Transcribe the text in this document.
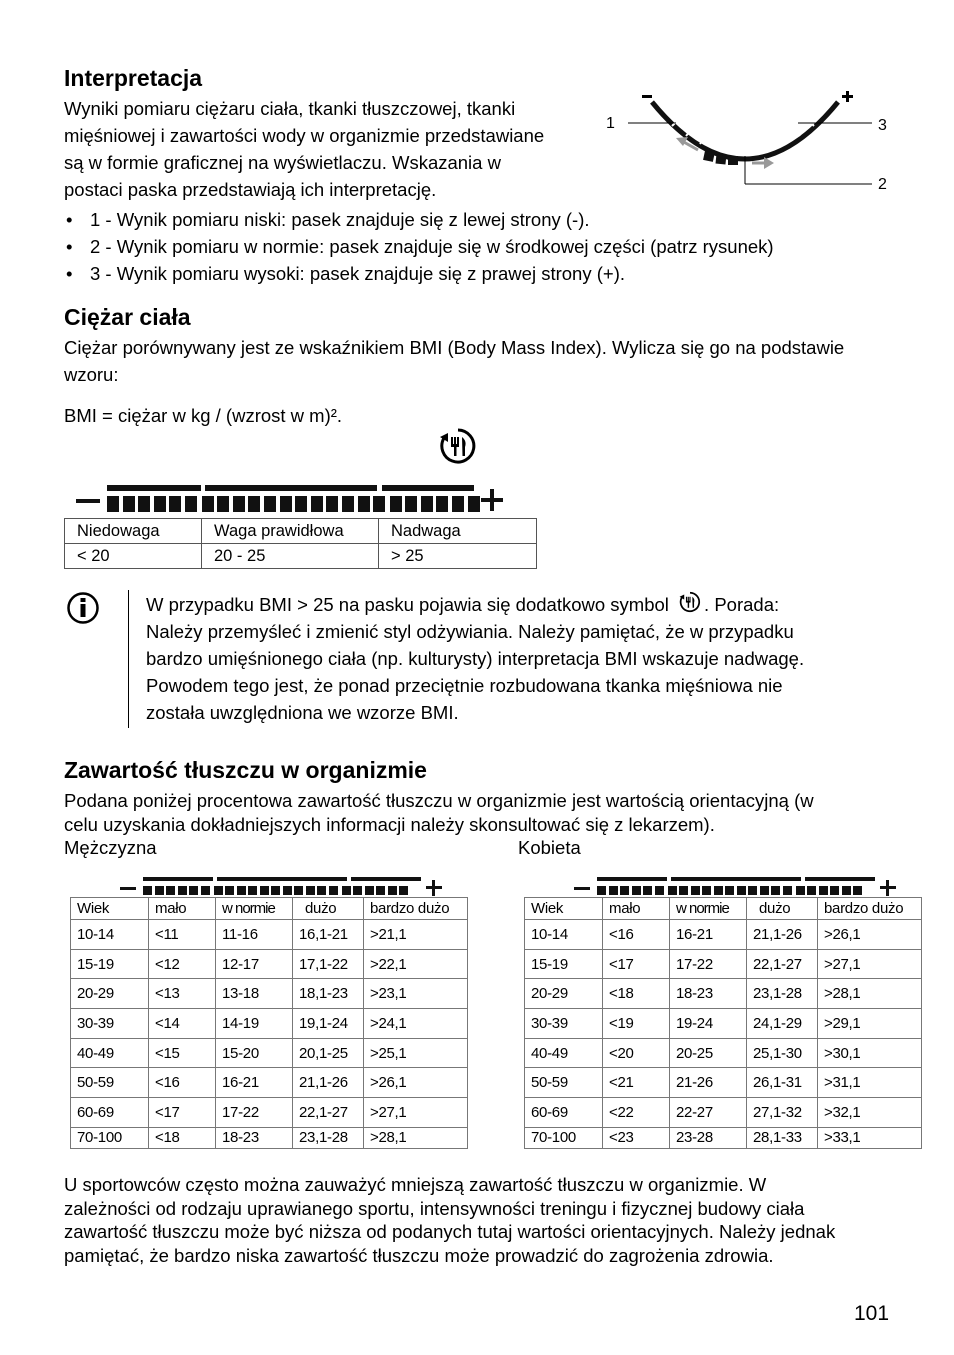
Interpretacja
Wyniki pomiaru ciężaru ciała, tkanki tłuszczowej, tkanki
mięśniowej i zawartości wody w organizmie przedstawiane
są w formie graficznej na wyświetlaczu. Wskazania w
postaci paska przedstawiają ich interpretację.
1	3
2
• 1 - Wynik pomiaru niski: pasek znajduje się z lewej strony (-).
• 2 - Wynik pomiaru w normie: pasek znajduje się w środkowej części (patrz rysunek)
• 3 - Wynik pomiaru wysoki: pasek znajduje się z prawej strony (+).
Ciężar ciała
Ciężar porównywany jest ze wskaźnikiem BMI (Body Mass Index). Wylicza się go na podstawie
wzoru:
BMI = ciężar w kg / (wzrost w m)².
Niedowaga	Waga prawidłowa	Nadwaga
< 20	20 - 25	> 25
W przypadku BMI > 25 na pasku pojawia się dodatkowo symbol . Porada:
Należy przemyśleć i zmienić styl odżywiania. Należy pamiętać, że w przypadku
bardzo umięśnionego ciała (np. kulturysty) interpretacja BMI wskazuje nadwagę.
Powodem tego jest, że ponad przeciętnie rozbudowana tkanka mięśniowa nie
została uwzględniona we wzorze BMI.
Zawartość tłuszczu w organizmie
Podana poniżej procentowa zawartość tłuszczu w organizmie jest wartością orientacyjną (w
celu uzyskania dokładniejszych informacji należy skonsultować się z lekarzem).
Mężczyzna	Kobieta
Wiek	mało	w normie	dużo	bardzo dużo
10-14	<11	11-16	16,1-21	>21,1
15-19	<12	12-17	17,1-22	>22,1
20-29	<13	13-18	18,1-23	>23,1
30-39	<14	14-19	19,1-24	>24,1
40-49	<15	15-20	20,1-25	>25,1
50-59	<16	16-21	21,1-26	>26,1
60-69	<17	17-22	22,1-27	>27,1
70-100	<18	18-23	23,1-28	>28,1
Wiek	mało	w normie	dużo	bardzo dużo
10-14	<16	16-21	21,1-26	>26,1
15-19	<17	17-22	22,1-27	>27,1
20-29	<18	18-23	23,1-28	>28,1
30-39	<19	19-24	24,1-29	>29,1
40-49	<20	20-25	25,1-30	>30,1
50-59	<21	21-26	26,1-31	>31,1
60-69	<22	22-27	27,1-32	>32,1
70-100	<23	23-28	28,1-33	>33,1
U sportowców często można zauważyć mniejszą zawartość tłuszczu w organizmie. W
zależności od rodzaju uprawianego sportu, intensywności treningu i fizycznej budowy ciała
zawartość tłuszczu może być niższa od podanych tutaj wartości orientacyjnych. Należy jednak
pamiętać, że bardzo niska zawartość tłuszczu może prowadzić do zagrożenia zdrowia.
101
